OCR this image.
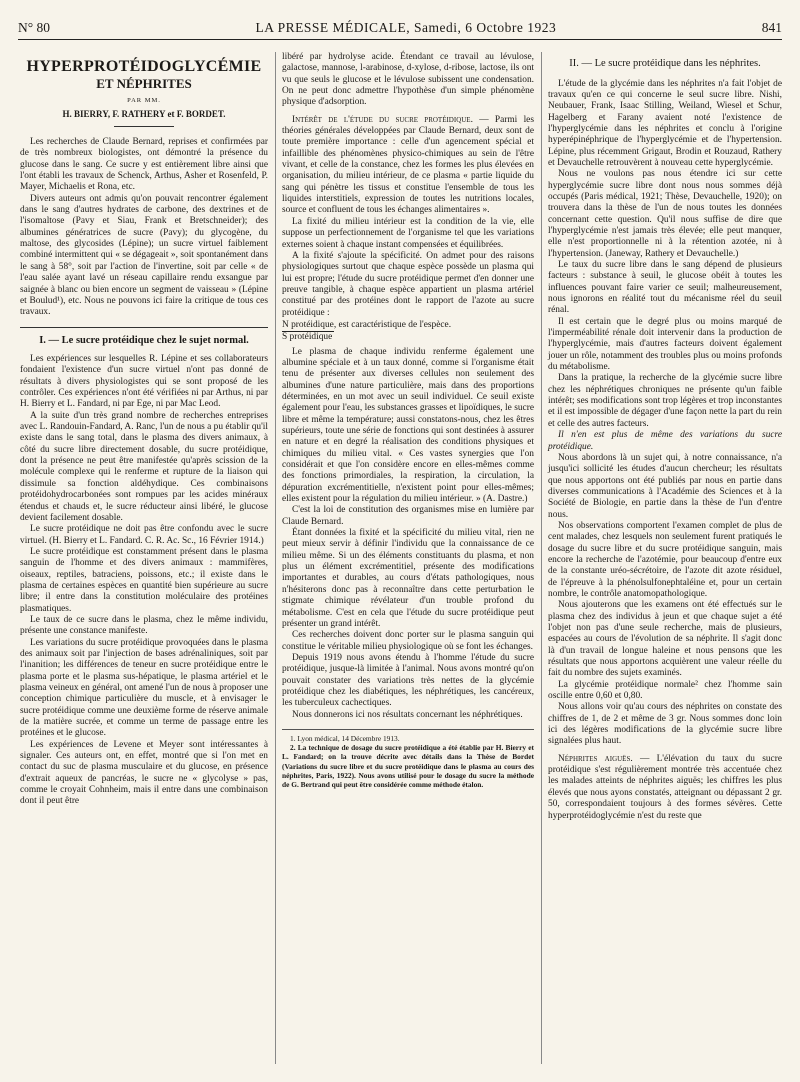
N° 80	LA PRESSE MÉDICALE, Samedi, 6 Octobre 1923	841
HYPERPROTÉIDOGLYCÉMIE
ET NÉPHRITES

PAR MM.

H. BIERRY, F. RATHERY et F. BORDET.

Les recherches de Claude Bernard, reprises et confirmées par de très nombreux biologistes, ont démontré la présence du glucose dans le sang. Ce sucre y est entièrement libre ainsi que l'ont établi les travaux de Schenck, Arthus, Asher et Rosenfeld, P. Mayer, Michaelis et Rona, etc.

Divers auteurs ont admis qu'on pouvait rencontrer également dans le sang d'autres hydrates de carbone, des dextrines et de l'isomaltose (Pavy et Siau, Frank et Bretschneider); des albumines génératrices de sucre (Pavy); du glycogène, du maltose, des glycosides (Lépine); un sucre virtuel faiblement combiné intermittent qui « se dégageait », soit spontanément dans le sang à 58°, soit par l'action de l'invertine, soit par celle « de l'eau salée ayant lavé un réseau capillaire rendu exsangue par saignée à blanc ou bien encore un segment de vaisseau » (Lépine et Boulud¹), etc. Nous ne pouvons ici faire la critique de tous ces travaux.

I. — Le sucre protéidique chez le sujet normal.

Les expériences sur lesquelles R. Lépine et ses collaborateurs fondaient l'existence d'un sucre virtuel n'ont pas donné de résultats à divers physiologistes qui se sont proposé de les contrôler. Ces expériences n'ont été vérifiées ni par Arthus, ni par H. Bierry et L. Fandard, ni par Ege, ni par Mac Leod.

A la suite d'un très grand nombre de recherches entreprises avec L. Randouin-Fandard, A. Ranc, l'un de nous a pu établir qu'il existe dans le sang total, dans le plasma des divers animaux, à côté du sucre libre directement dosable, du sucre protéidique, dont la présence ne peut être manifestée qu'après scission de la molécule complexe qui le renferme et rupture de la liaison qui dissimule sa fonction aldéhydique. Ces combinaisons protéidohydrocarbonées sont rompues par les acides minéraux étendus et chauds et, le sucre réducteur ainsi libéré, le glucose devient facilement dosable.

Le sucre protéidique ne doit pas être confondu avec le sucre virtuel. (H. Bierry et L. Fandard. C. R. Ac. Sc., 16 Février 1914.)

Le sucre protéidique est constamment présent dans le plasma sanguin de l'homme et des divers animaux : mammifères, oiseaux, reptiles, batraciens, poissons, etc.; il existe dans le plasma de certaines espèces en quantité bien supérieure au sucre libre; il entre dans la constitution moléculaire des protéines plasmatiques.

Le taux de ce sucre dans le plasma, chez le même individu, présente une constance manifeste.

Les variations du sucre protéidique provoquées dans le plasma des animaux soit par l'injection de bases adrénaliniques, soit par l'inanition; les différences de teneur en sucre protéidique entre le plasma porte et le plasma sus-hépatique, le plasma artériel et le plasma veineux en général, ont amené l'un de nous à proposer une conception chimique particulière du muscle, et à envisager le sucre protéidique comme une deuxième forme de réserve animale de la matière sucrée, et comme un terme de passage entre les protéines et le glucose.

Les expériences de Levene et Meyer sont intéressantes à signaler. Ces auteurs ont, en effet, montré que si l'on met en contact du suc de plasma musculaire et du glucose, en présence d'extrait aqueux de pancréas, le sucre ne « glycolyse » pas, comme le croyait Cohnheim, mais il entre dans une combinaison dont il peut être

libéré par hydrolyse acide. Étendant ce travail au lévulose, galactose, mannose, l-arabinose, d-xylose, d-ribose, lactose, ils ont vu que seuls le glucose et le lévulose subissent une condensation. On ne peut donc admettre l'hypothèse d'un simple phénomène physique d'adsorption.

Intérêt de l'étude du sucre protéidique. — Parmi les théories générales développées par Claude Bernard, deux sont de toute première importance : celle d'un agencement spécial et infaillible des phénomènes physico-chimiques au sein de l'être vivant, et celle de la constance, chez les formes les plus élevées en organisation, du milieu intérieur, de ce plasma « partie liquide du sang qui pénètre les tissus et constitue l'ensemble de tous les liquides interstitiels, expression de toutes les nutritions locales, source et confluent de tous les échanges alimentaires ».

La fixité du milieu intérieur est la condition de la vie, elle suppose un perfectionnement de l'organisme tel que les variations externes soient à chaque instant compensées et équilibrées.

A la fixité s'ajoute la spécificité. On admet pour des raisons physiologiques surtout que chaque espèce possède un plasma qui lui est propre; l'étude du sucre protéidique permet d'en donner une preuve tangible, à chaque espèce appartient un plasma artériel constitué par des protéines dont le rapport de l'azote au sucre protéidique :

N protéidique, est caractéristique de l'espèce.
S protéidique

Le plasma de chaque individu renferme également une albumine spéciale et à un taux donné, comme si l'organisme était tenu de présenter aux diverses cellules non seulement des albumines d'une nature particulière, mais dans des proportions déterminées, en un mot avec un seuil individuel. Ce seuil existe également pour l'eau, les substances grasses et lipoïdiques, le sucre libre et même la température; aussi constatons-nous, chez les êtres supérieurs, toute une série de fonctions qui sont destinées à assurer en nature et en degré la réalisation des conditions physiques et chimiques du milieu vital. « Ces vastes synergies que l'on considérait et que l'on considère encore en elles-mêmes comme des fonctions primordiales, la respiration, la circulation, la dépuration excrémentitielle, n'existent point pour elles-mêmes; elles existent pour la régulation du milieu intérieur. » (A. Dastre.)

C'est la loi de constitution des organismes mise en lumière par Claude Bernard.

Étant données la fixité et la spécificité du milieu vital, rien ne peut mieux servir à définir l'individu que la connaissance de ce milieu même. Si un des éléments constituants du plasma, et non plus un élément excrémentitiel, présente des modifications importantes et durables, au cours d'états pathologiques, nous n'hésiterons donc pas à reconnaître dans cette perturbation le stigmate chimique révélateur d'un trouble profond du métabolisme. C'est en cela que l'étude du sucre protéidique peut présenter un grand intérêt.

Ces recherches doivent donc porter sur le plasma sanguin qui constitue le véritable milieu physiologique où se font les échanges.

Depuis 1919 nous avons étendu à l'homme l'étude du sucre protéidique, jusque-là limitée à l'animal. Nous avons montré qu'on pouvait constater des variations très nettes de la glycémie protéidique chez les diabétiques, les néphrétiques, les cancéreux, les tuberculeux cachectiques.

Nous donnerons ici nos résultats concernant les néphrétiques.

1. Lyon médical, 14 Décembre 1913.

2. La technique de dosage du sucre protéidique a été établie par H. Bierry et L. Fandard; on la trouve décrite avec détails dans la Thèse de Bordet (Variations du sucre libre et du sucre protéidique dans le plasma au cours des néphrites, Paris, 1922). Nous avons utilisé pour le dosage du sucre la méthode de G. Bertrand qui peut être considérée comme méthode étalon.

II. — Le sucre protéidique dans les néphrites.

L'étude de la glycémie dans les néphrites n'a fait l'objet de travaux qu'en ce qui concerne le seul sucre libre. Nishi, Neubauer, Frank, Isaac Stilling, Weiland, Wiesel et Schur, Hagelberg et Farany avaient noté l'existence de l'hyperglycémie dans les néphrites et conclu à l'origine hyperépinéphrique de l'hyperglycémie et de l'hypertension. Lépine, plus récemment Grigaut, Brodin et Rouzaud, Rathery et Devauchelle retrouvèrent à nouveau cette hyperglycémie.

Nous ne voulons pas nous étendre ici sur cette hyperglycémie sucre libre dont nous nous sommes déjà occupés (Paris médical, 1921; Thèse, Devauchelle, 1920); on trouvera dans la thèse de l'un de nous toutes les données concernant cette question. Qu'il nous suffise de dire que l'hyperglycémie n'est jamais très élevée; elle peut manquer, elle n'est proportionnelle ni à la rétention azotée, ni à l'hypertension. (Janeway, Rathery et Devauchelle.)

Le taux du sucre libre dans le sang dépend de plusieurs facteurs : substance à seuil, le glucose obéit à toutes les influences pouvant faire varier ce seuil; malheureusement, nous ignorons en réalité tout du mécanisme réel du seuil rénal.

Il est certain que le degré plus ou moins marqué de l'imperméabilité rénale doit intervenir dans la production de l'hyperglycémie, mais d'autres facteurs doivent également jouer un rôle, notamment des troubles plus ou moins profonds du métabolisme.

Dans la pratique, la recherche de la glycémie sucre libre chez les néphrétiques chroniques ne présente qu'un faible intérêt; ses modifications sont trop légères et trop inconstantes et il est impossible de dégager d'une façon nette la part du rein et celle des autres facteurs.

Il n'en est plus de même des variations du sucre protéidique.

Nous abordons là un sujet qui, à notre connaissance, n'a jusqu'ici sollicité les études d'aucun chercheur; les résultats que nous apportons ont été publiés par nous en partie dans diverses communications à l'Académie des Sciences et à la Société de Biologie, en partie dans la thèse de l'un d'entre nous.

Nos observations comportent l'examen complet de plus de cent malades, chez lesquels non seulement furent pratiqués le dosage du sucre libre et du sucre protéidique sanguin, mais encore la recherche de l'azotémie, pour beaucoup d'entre eux de la constante uréo-sécrétoire, de l'azote dit azote résiduel, de l'épreuve à la phénolsulfonephtaléine et, pour un certain nombre, le contrôle anatomopathologique.

Nous ajouterons que les examens ont été effectués sur le plasma chez des individus à jeun et que chaque sujet a été l'objet non pas d'une seule recherche, mais de plusieurs, espacées au cours de l'évolution de sa néphrite. Il s'agit donc là d'un travail de longue haleine et nous pensons que les résultats que nous apportons acquièrent une valeur réelle du fait du nombre des sujets examinés.

La glycémie protéidique normale² chez l'homme sain oscille entre 0,60 et 0,80.

Nous allons voir qu'au cours des néphrites on constate des chiffres de 1, de 2 et même de 3 gr. Nous sommes donc loin ici des légères modifications de la glycémie sucre libre signalées plus haut.

Néphrites aiguës. — L'élévation du taux du sucre protéidique s'est régulièrement montrée très accentuée chez les malades atteints de néphrites aiguës; les chiffres les plus élevés que nous ayons constatés, atteignant ou dépassant 2 gr. 50, correspondaient toujours à des formes sévères. Cette hyperprotéidoglycémie n'est du reste que
